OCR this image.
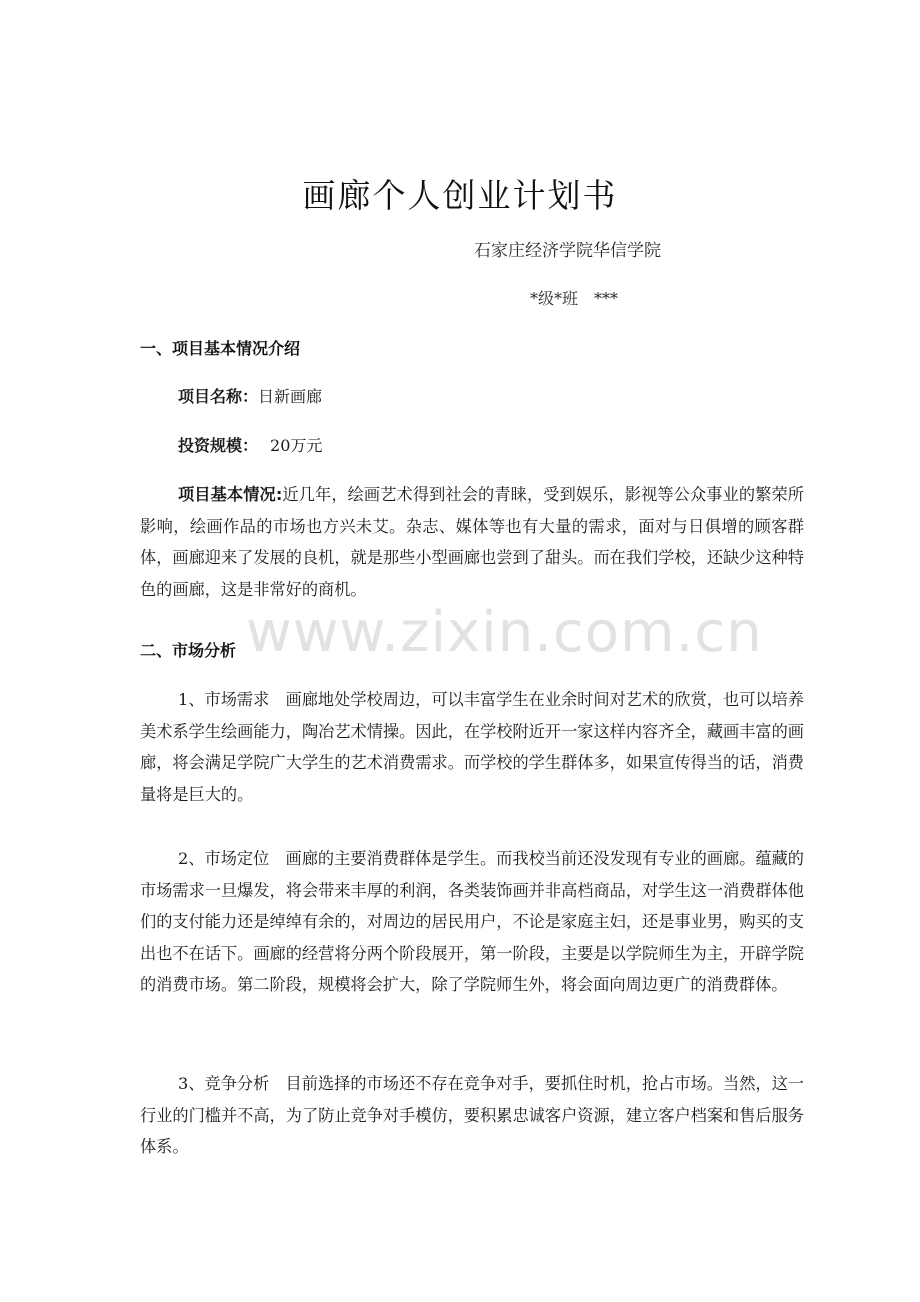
www.zixin.com.cn
画廊个人创业计划书
石家庄经济学院华信学院
*级*班　***
一、项目基本情况介绍
项目名称：日新画廊
投资规模： 20万元
项目基本情况:近几年，绘画艺术得到社会的青睐，受到娱乐，影视等公众事业的繁荣所影响，绘画作品的市场也方兴未艾。杂志、媒体等也有大量的需求，面对与日俱增的顾客群体，画廊迎来了发展的良机，就是那些小型画廊也尝到了甜头。而在我们学校，还缺少这种特色的画廊，这是非常好的商机。
二、市场分析
1、市场需求　画廊地处学校周边，可以丰富学生在业余时间对艺术的欣赏，也可以培养美术系学生绘画能力，陶冶艺术情操。因此，在学校附近开一家这样内容齐全，藏画丰富的画廊，将会满足学院广大学生的艺术消费需求。而学校的学生群体多，如果宣传得当的话，消费量将是巨大的。
2、市场定位　画廊的主要消费群体是学生。而我校当前还没发现有专业的画廊。蕴藏的市场需求一旦爆发，将会带来丰厚的利润，各类装饰画并非高档商品，对学生这一消费群体他们的支付能力还是绰绰有余的，对周边的居民用户，不论是家庭主妇，还是事业男，购买的支出也不在话下。画廊的经营将分两个阶段展开，第一阶段，主要是以学院师生为主，开辟学院的消费市场。第二阶段，规模将会扩大，除了学院师生外，将会面向周边更广的消费群体。
3、竞争分析　目前选择的市场还不存在竞争对手，要抓住时机，抢占市场。当然，这一行业的门槛并不高，为了防止竞争对手模仿，要积累忠诚客户资源，建立客户档案和售后服务体系。
